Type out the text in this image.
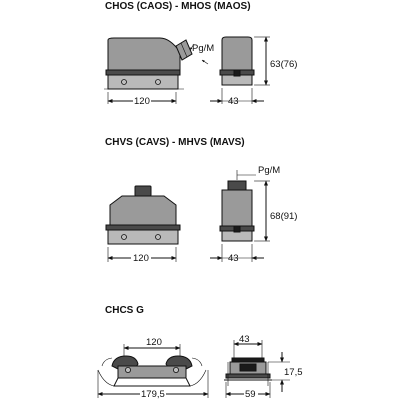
CHOS (CAOS) - MHOS (MAOS)
Pg/M
120
63(76)
43
CHVS (CAVS) - MHVS (MAVS)
120
Pg/M
68(91)
43
CHCS G
120
179,5
43
17,5
59
